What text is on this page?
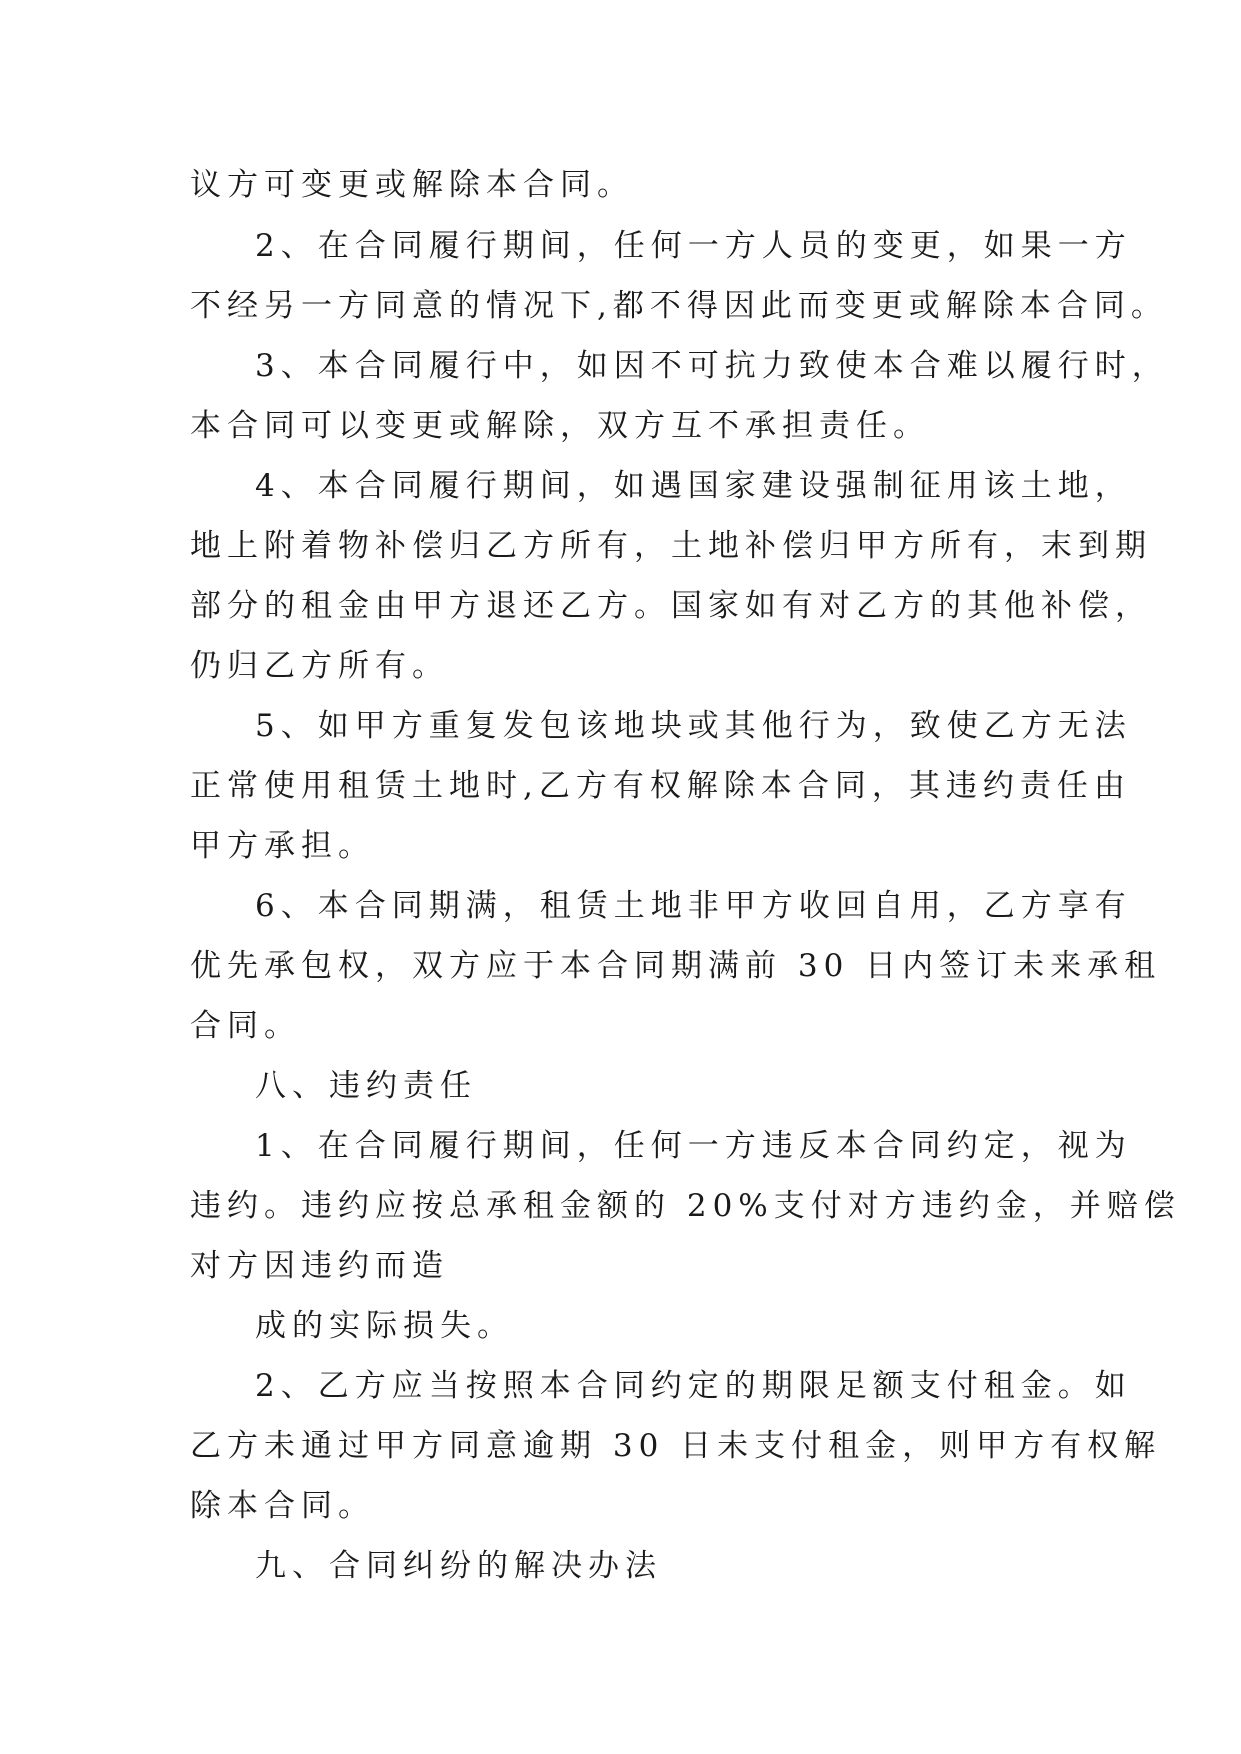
议方可变更或解除本合同。
2、在合同履行期间，任何一方人员的变更，如果一方
不经另一方同意的情况下,都不得因此而变更或解除本合同。
3、本合同履行中，如因不可抗力致使本合难以履行时，
本合同可以变更或解除，双方互不承担责任。
4、本合同履行期间，如遇国家建设强制征用该土地，
地上附着物补偿归乙方所有，土地补偿归甲方所有，末到期
部分的租金由甲方退还乙方。国家如有对乙方的其他补偿，
仍归乙方所有。
5、如甲方重复发包该地块或其他行为，致使乙方无法
正常使用租赁土地时,乙方有权解除本合同，其违约责任由
甲方承担。
6、本合同期满，租赁土地非甲方收回自用，乙方享有
优先承包权，双方应于本合同期满前 30 日内签订未来承租
合同。
八、违约责任
1、在合同履行期间，任何一方违反本合同约定，视为
违约。违约应按总承租金额的 20%支付对方违约金，并赔偿
对方因违约而造
成的实际损失。
2、乙方应当按照本合同约定的期限足额支付租金。如
乙方未通过甲方同意逾期 30 日未支付租金，则甲方有权解
除本合同。
九、合同纠纷的解决办法
